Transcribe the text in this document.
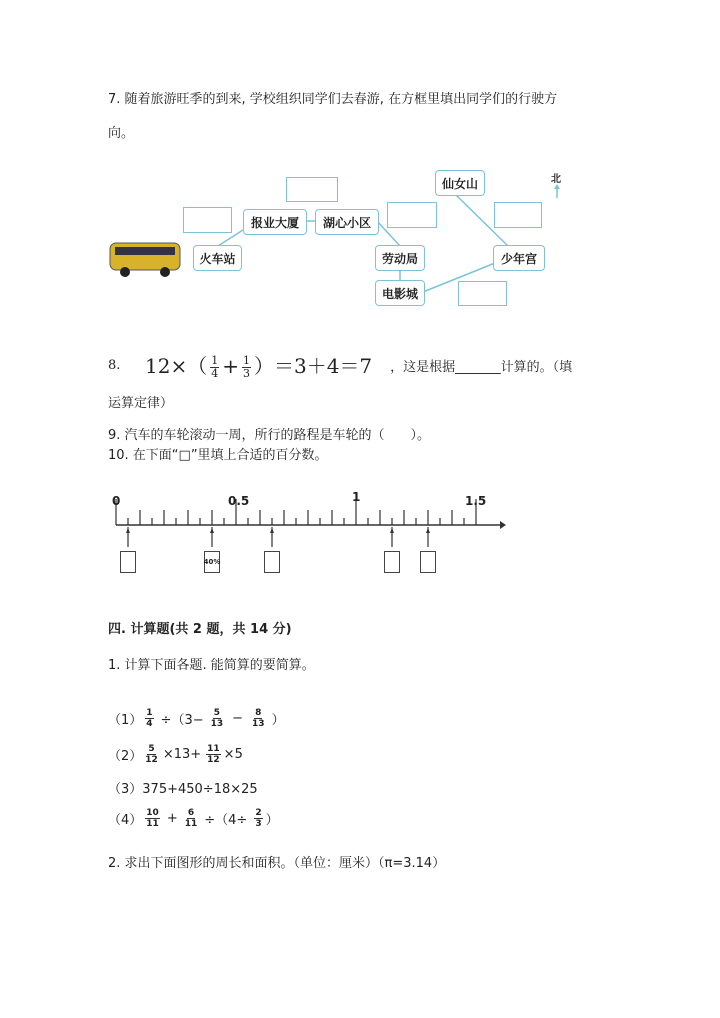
7. 随着旅游旺季的到来, 学校组织同学们去春游, 在方框里填出同学们的行驶方
向。
北
报业大厦	湖心小区
火车站	劳动局
电影城
仙女山
少年宫
8.	$12\times( \frac{1}{4} + \frac{1}{3} )=3+4=7$ ，这是根据_______计算的。（填
运算定律）
9. 汽车的车轮滚动一周，所行的路程是车轮的（　　）。
10. 在下面“□”里填上合适的百分数。
0	0.5	1	1.5
40%
四. 计算题(共 2 题，共 14 分)
1. 计算下面各题. 能简算的要简算。
$(1) \frac{1}{4} \div(3- \frac{5}{13} - \frac{8}{13}$ ）
$(2) \frac{5}{12} \times 13+ \frac{11}{12} \times 5$
（3）375+450÷18×25
$(4) \frac{10}{11} + \frac{6}{11} \div(4\div \frac{2}{3}$ ）
2. 求出下面图形的周长和面积。（单位：厘米）（π=3.14）
